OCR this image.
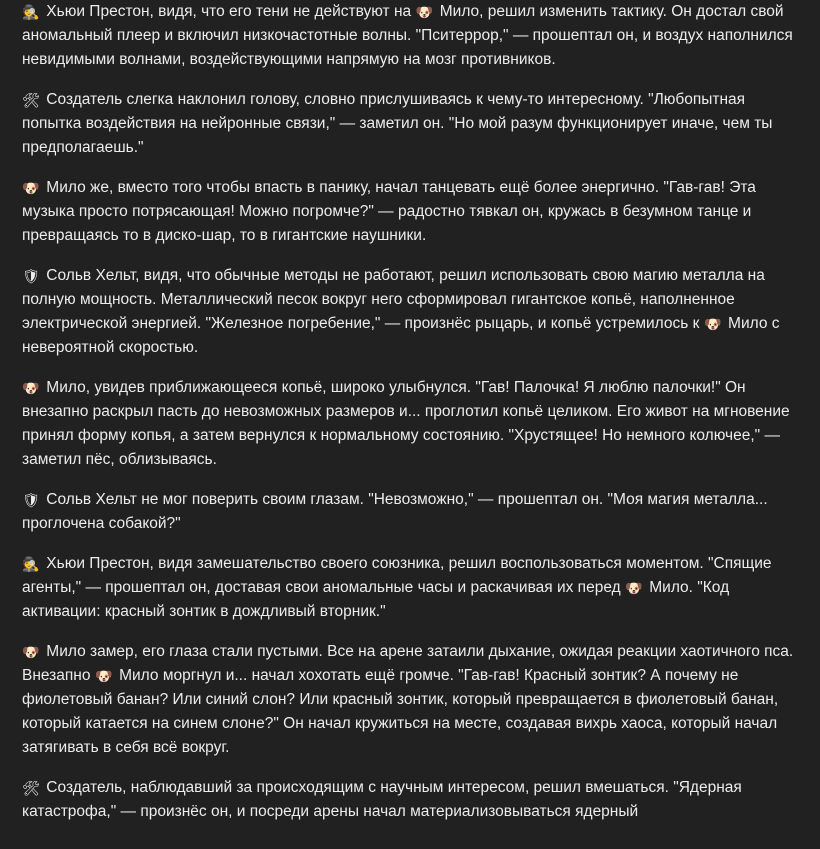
🕵 Хьюи Престон, видя, что его тени не действуют на 🐶 Мило, решил изменить тактику. Он достал свой аномальный плеер и включил низкочастотные волны. "Пситеррор," — прошептал он, и воздух наполнился невидимыми волнами, воздействующими напрямую на мозг противников.

🛠 Создатель слегка наклонил голову, словно прислушиваясь к чему-то интересному. "Любопытная попытка воздействия на нейронные связи," — заметил он. "Но мой разум функционирует иначе, чем ты предполагаешь."

🐶 Мило же, вместо того чтобы впасть в панику, начал танцевать ещё более энергично. "Гав-гав! Эта музыка просто потрясающая! Можно погромче?" — радостно тявкал он, кружась в безумном танце и превращаясь то в диско-шар, то в гигантские наушники.

🛡 Сольв Хельт, видя, что обычные методы не работают, решил использовать свою магию металла на полную мощность. Металлический песок вокруг него сформировал гигантское копьё, наполненное электрической энергией. "Железное погребение," — произнёс рыцарь, и копьё устремилось к 🐶 Мило с невероятной скоростью.

🐶 Мило, увидев приближающееся копьё, широко улыбнулся. "Гав! Палочка! Я люблю палочки!" Он внезапно раскрыл пасть до невозможных размеров и... проглотил копьё целиком. Его живот на мгновение принял форму копья, а затем вернулся к нормальному состоянию. "Хрустящее! Но немного колючее," — заметил пёс, облизываясь.

🛡 Сольв Хельт не мог поверить своим глазам. "Невозможно," — прошептал он. "Моя магия металла... проглочена собакой?"

🕵 Хьюи Престон, видя замешательство своего союзника, решил воспользоваться моментом. "Спящие агенты," — прошептал он, доставая свои аномальные часы и раскачивая их перед 🐶 Мило. "Код активации: красный зонтик в дождливый вторник."

🐶 Мило замер, его глаза стали пустыми. Все на арене затаили дыхание, ожидая реакции хаотичного пса. Внезапно 🐶 Мило моргнул и... начал хохотать ещё громче. "Гав-гав! Красный зонтик? А почему не фиолетовый банан? Или синий слон? Или красный зонтик, который превращается в фиолетовый банан, который катается на синем слоне?" Он начал кружиться на месте, создавая вихрь хаоса, который начал затягивать в себя всё вокруг.

🛠 Создатель, наблюдавший за происходящим с научным интересом, решил вмешаться. "Ядерная катастрофа," — произнёс он, и посреди арены начал материализовываться ядерный
